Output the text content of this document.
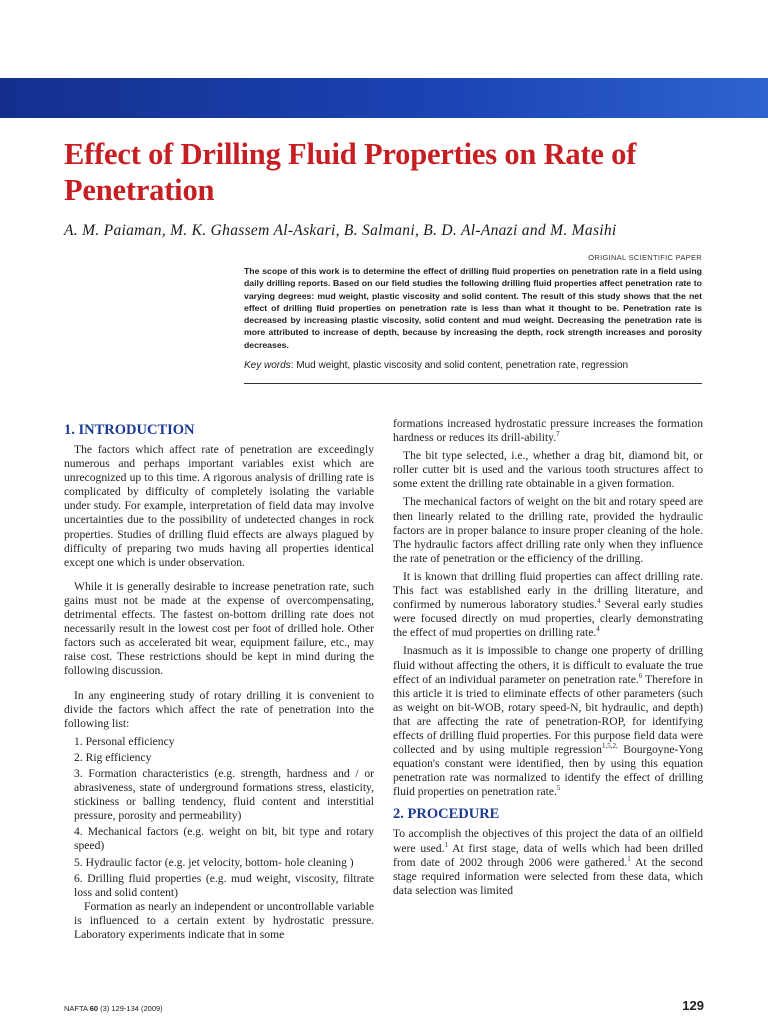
Effect of Drilling Fluid Properties on Rate of Penetration
A. M. Paiaman, M. K. Ghassem Al-Askari, B. Salmani, B. D. Al-Anazi and M. Masihi
ORIGINAL SCIENTIFIC PAPER
The scope of this work is to determine the effect of drilling fluid properties on penetration rate in a field using daily drilling reports. Based on our field studies the following drilling fluid properties affect penetration rate to varying degrees: mud weight, plastic viscosity and solid content. The result of this study shows that the net effect of drilling fluid properties on penetration rate is less than what it thought to be. Penetration rate is decreased by increasing plastic viscosity, solid content and mud weight. Decreasing the penetration rate is more attributed to increase of depth, because by increasing the depth, rock strength increases and porosity decreases.
Key words: Mud weight, plastic viscosity and solid content, penetration rate, regression
1. INTRODUCTION

The factors which affect rate of penetration are exceedingly numerous and perhaps important variables exist which are unrecognized up to this time. A rigorous analysis of drilling rate is complicated by difficulty of completely isolating the variable under study. For example, interpretation of field data may involve uncertainties due to the possibility of undetected changes in rock properties. Studies of drilling fluid effects are always plagued by difficulty of preparing two muds having all properties identical except one which is under observation.

While it is generally desirable to increase penetration rate, such gains must not be made at the expense of overcompensating, detrimental effects. The fastest on-bottom drilling rate does not necessarily result in the lowest cost per foot of drilled hole. Other factors such as accelerated bit wear, equipment failure, etc., may raise cost. These restrictions should be kept in mind during the following discussion.

In any engineering study of rotary drilling it is convenient to divide the factors which affect the rate of penetration into the following list:

1. Personal efficiency
2. Rig efficiency
3. Formation characteristics (e.g. strength, hardness and / or abrasiveness, state of underground formations stress, elasticity, stickiness or balling tendency, fluid content and interstitial pressure, porosity and permeability)
4. Mechanical factors (e.g. weight on bit, bit type and rotary speed)
5. Hydraulic factor (e.g. jet velocity, bottom- hole cleaning )
6. Drilling fluid properties (e.g. mud weight, viscosity, filtrate loss and solid content)

Formation as nearly an independent or uncontrollable variable is influenced to a certain extent by hydrostatic pressure. Laboratory experiments indicate that in some

formations increased hydrostatic pressure increases the formation hardness or reduces its drill-ability.$^7$

The bit type selected, i.e., whether a drag bit, diamond bit, or roller cutter bit is used and the various tooth structures affect to some extent the drilling rate obtainable in a given formation.

The mechanical factors of weight on the bit and rotary speed are then linearly related to the drilling rate, provided the hydraulic factors are in proper balance to insure proper cleaning of the hole. The hydraulic factors affect drilling rate only when they influence the rate of penetration or the efficiency of the drilling.

It is known that drilling fluid properties can affect drilling rate. This fact was established early in the drilling literature, and confirmed by numerous laboratory studies.$^4$ Several early studies were focused directly on mud properties, clearly demonstrating the effect of mud properties on drilling rate.$^4$

Inasmuch as it is impossible to change one property of drilling fluid without affecting the others, it is difficult to evaluate the true effect of an individual parameter on penetration rate.$^6$ Therefore in this article it is tried to eliminate effects of other parameters (such as weight on bit-WOB, rotary speed-N, bit hydraulic, and depth) that are affecting the rate of penetration-ROP, for identifying effects of drilling fluid properties. For this purpose field data were collected and by using multiple regression$^{1,5,2,}$ Bourgoyne-Yong equation's constant were identified, then by using this equation penetration rate was normalized to identify the effect of drilling fluid properties on penetration rate.$^5$

2. PROCEDURE

To accomplish the objectives of this project the data of an oilfield were used.$^1$ At first stage, data of wells which had been drilled from date of 2002 through 2006 were gathered.$^1$ At the second stage required information were selected from these data, which data selection was limited

NAFTA 60 (3) 129-134 (2009)	129
